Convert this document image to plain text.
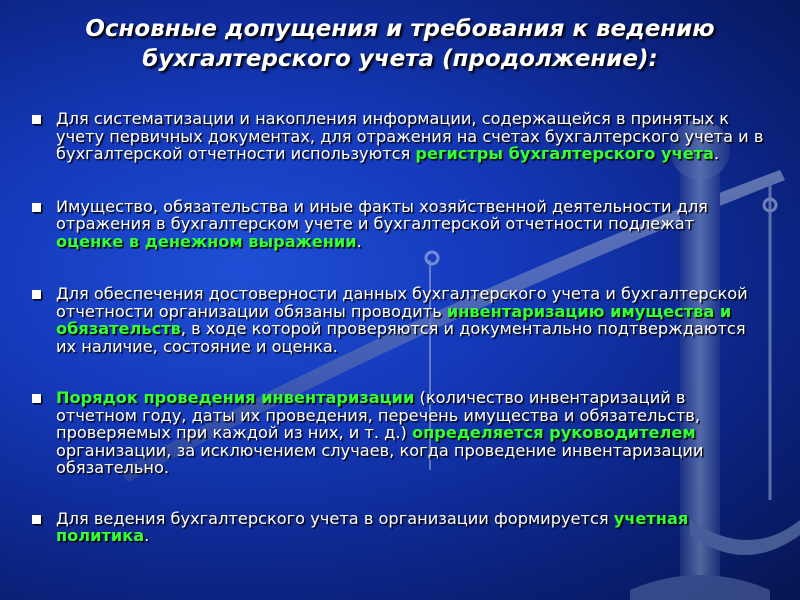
Основные допущения и требования к ведению
бухгалтерского учета (продолжение):
Для систематизации и накопления информации, содержащейся в принятых к учету первичных документах, для отражения на счетах бухгалтерского учета и в бухгалтерской отчетности используются регистры бухгалтерского учета.
Имущество, обязательства и иные факты хозяйственной деятельности для отражения в бухгалтерском учете и бухгалтерской отчетности подлежат оценке в денежном выражении.
Для обеспечения достоверности данных бухгалтерского учета и бухгалтерской отчетности организации обязаны проводить инвентаризацию имущества и обязательств, в ходе которой проверяются и документально подтверждаются их наличие, состояние и оценка.
Порядок проведения инвентаризации (количество инвентаризаций в отчетном году, даты их проведения, перечень имущества и обязательств, проверяемых при каждой из них, и т. д.) определяется руководителем организации, за исключением случаев, когда проведение инвентаризации обязательно.
Для ведения бухгалтерского учета в организации формируется учетная политика.
